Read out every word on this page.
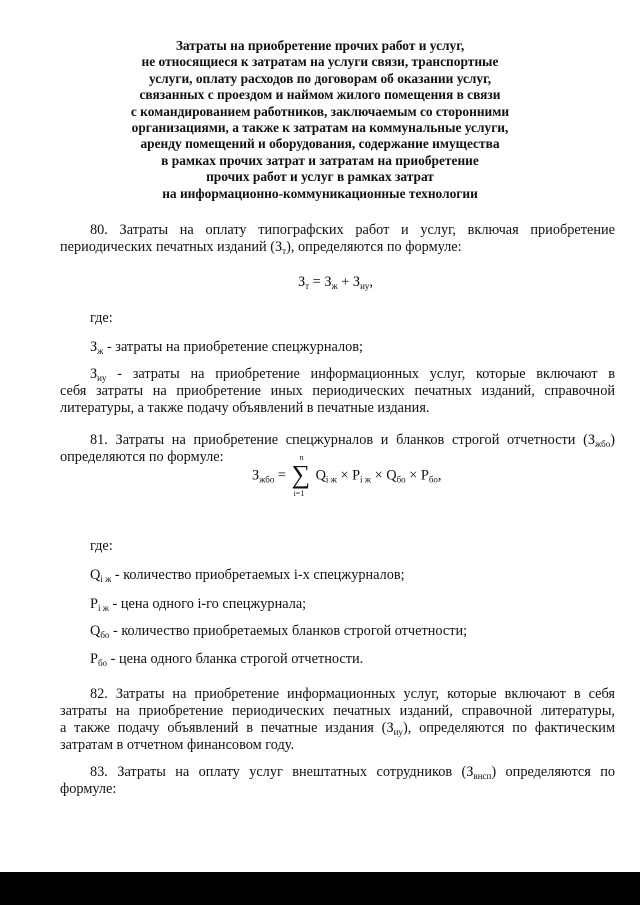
Затраты на приобретение прочих работ и услуг,
не относящиеся к затратам на услуги связи, транспортные
услуги, оплату расходов по договорам об оказании услуг,
связанных с проездом и наймом жилого помещения в связи
с командированием работников, заключаемым со сторонними
организациями, а также к затратам на коммунальные услуги,
аренду помещений и оборудования, содержание имущества
в рамках прочих затрат и затратам на приобретение
прочих работ и услуг в рамках затрат
на информационно-коммуникационные технологии
80. Затраты на оплату типографских работ и услуг, включая приобретение
периодических печатных изданий $(З_т)$, определяются по формуле:
$З_т = З_ж + З_{иу}$,
где:
$З_ж$ - затраты на приобретение спецжурналов;
$З_{иу}$ - затраты на приобретение информационных услуг, которые включают в
себя затраты на приобретение иных периодических печатных изданий, справочной
литературы, а также подачу объявлений в печатные издания.
81. Затраты на приобретение спецжурналов и бланков строгой отчетности $(З_{жбо})$
определяются по формуле:
$З_{жбо}$ =
n
∑
i=1
$Q_{i ж} \times P_{i ж} \times Q_{бо} \times P_{бо}$,
где:
$Q_{i ж}$ - количество приобретаемых i-х спецжурналов;
$P_{i ж}$ - цена одного i-го спецжурнала;
$Q_{бо}$ - количество приобретаемых бланков строгой отчетности;
$P_{бо}$ - цена одного бланка строгой отчетности.
82. Затраты на приобретение информационных услуг, которые включают в себя
затраты на приобретение периодических печатных изданий, справочной литературы,
а также подачу объявлений в печатные издания $(З_{иу})$, определяются по фактическим
затратам в отчетном финансовом году.
83. Затраты на оплату услуг внештатных сотрудников $(З_{внсп})$ определяются по
формуле:
